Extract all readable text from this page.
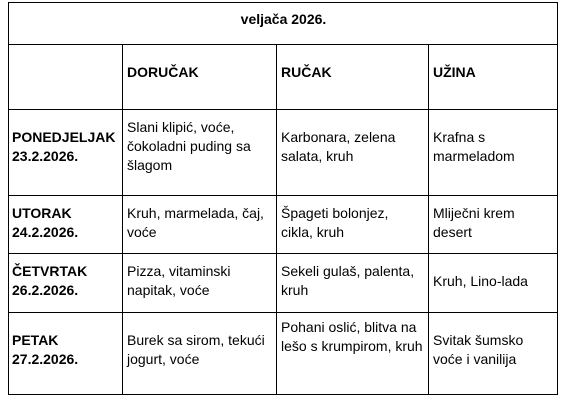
veljača 2026.
DORUČAK	RUČAK	UŽINA
PONEDJELJAK
23.2.2026.
Slani klipić, voće, čokoladni puding sa šlagom
Karbonara, zelena salata, kruh
Krafna s marmeladom
UTORAK
24.2.2026.
Kruh, marmelada, čaj, voće
Špageti bolonjez, cikla, kruh
Mliječni krem desert
ČETVRTAK
26.2.2026.
Pizza, vitaminski napitak, voće
Sekeli gulaš, palenta, kruh
Kruh, Lino-lada
PETAK
27.2.2026.
Burek sa sirom, tekući jogurt, voće
Pohani oslić, blitva na lešo s krumpirom, kruh Svitak šumsko voće i vanilija
